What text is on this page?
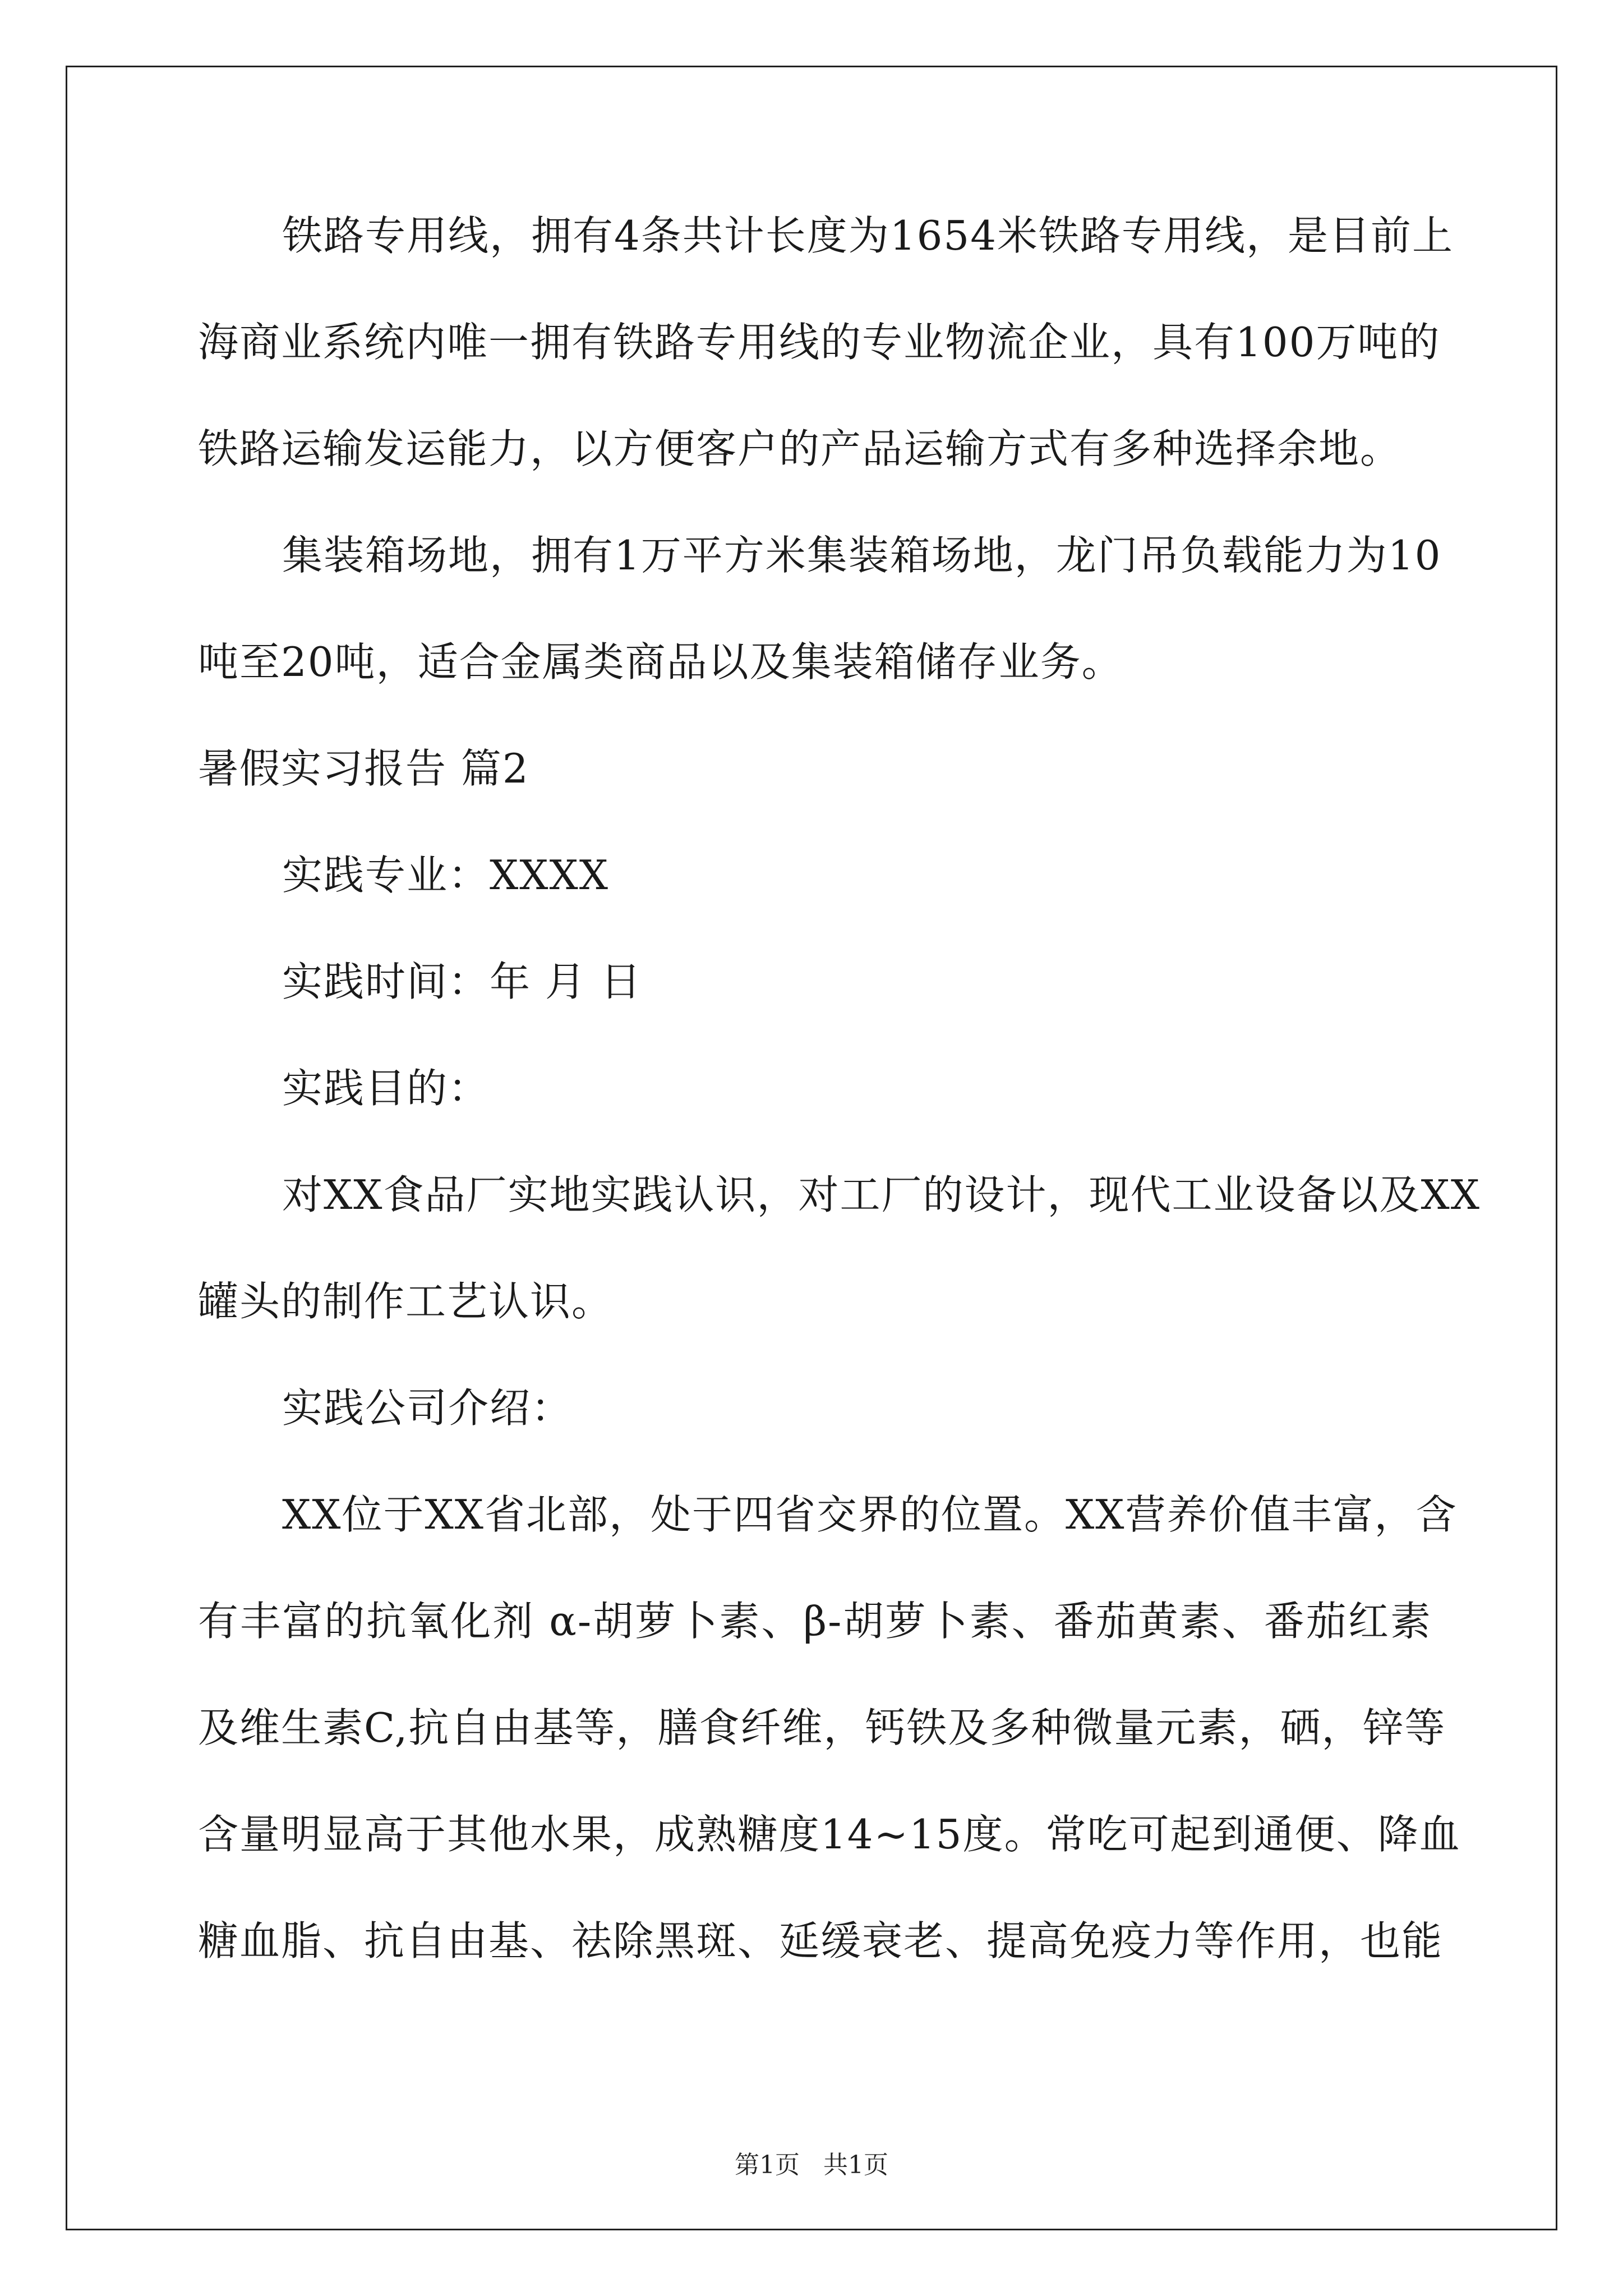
铁路专用线，拥有4条共计长度为1654米铁路专用线，是目前上
海商业系统内唯一拥有铁路专用线的专业物流企业，具有100万吨的
铁路运输发运能力，以方便客户的产品运输方式有多种选择余地。
集装箱场地，拥有1万平方米集装箱场地，龙门吊负载能力为10
吨至20吨，适合金属类商品以及集装箱储存业务。
暑假实习报告 篇2
实践专业：XXXX
实践时间：年 月 日
实践目的：
对XX食品厂实地实践认识，对工厂的设计，现代工业设备以及XX
罐头的制作工艺认识。
实践公司介绍：
XX位于XX省北部，处于四省交界的位置。XX营养价值丰富，含
有丰富的抗氧化剂 α-胡萝卜素、β-胡萝卜素、番茄黄素、番茄红素
及维生素C,抗自由基等，膳食纤维，钙铁及多种微量元素，硒，锌等
含量明显高于其他水果，成熟糖度14~15度。常吃可起到通便、降血
糖血脂、抗自由基、祛除黑斑、延缓衰老、提高免疫力等作用，也能
第1页 共1页
